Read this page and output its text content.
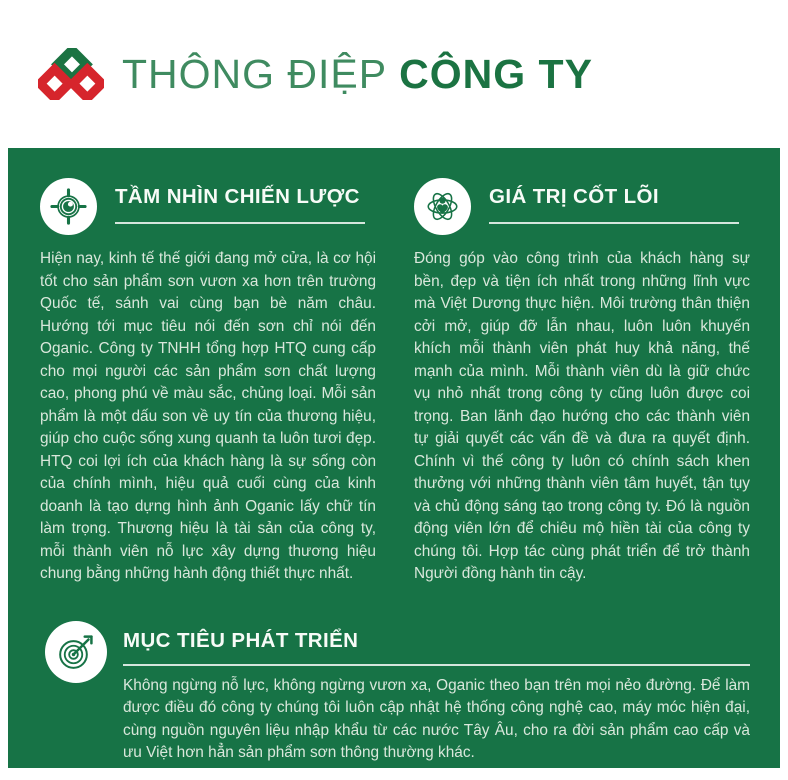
THÔNG ĐIỆP CÔNG TY
TẦM NHÌN CHIẾN LƯỢC

Hiện nay, kinh tế thế giới đang mở cửa, là cơ hội tốt cho sản phẩm sơn vươn xa hơn trên trường Quốc tế, sánh vai cùng bạn bè năm châu. Hướng tới mục tiêu nói đến sơn chỉ nói đến Oganic. Công ty TNHH tổng hợp HTQ cung cấp cho mọi người các sản phẩm sơn chất lượng cao, phong phú về màu sắc, chủng loại. Mỗi sản phẩm là một dấu son về uy tín của thương hiệu, giúp cho cuộc sống xung quanh ta luôn tươi đẹp. HTQ coi lợi ích của khách hàng là sự sống còn của chính mình, hiệu quả cuối cùng của kinh doanh là tạo dựng hình ảnh Oganic lấy chữ tín làm trọng. Thương hiệu là tài sản của công ty, mỗi thành viên nỗ lực xây dựng thương hiệu chung bằng những hành động thiết thực nhất.

GIÁ TRỊ CỐT LÕI

Đóng góp vào công trình của khách hàng sự bền, đẹp và tiện ích nhất trong những lĩnh vực mà Việt Dương thực hiện. Môi trường thân thiện cởi mở, giúp đỡ lẫn nhau, luôn luôn khuyến khích mỗi thành viên phát huy khả năng, thế mạnh của mình. Mỗi thành viên dù là giữ chức vụ nhỏ nhất trong công ty cũng luôn được coi trọng. Ban lãnh đạo hướng cho các thành viên tự giải quyết các vấn đề và đưa ra quyết định. Chính vì thế công ty luôn có chính sách khen thưởng với những thành viên tâm huyết, tận tụy và chủ động sáng tạo trong công ty. Đó là nguồn động viên lớn để chiêu mộ hiền tài của công ty chúng tôi. Hợp tác cùng phát triển để trở thành Người đồng hành tin cậy.

MỤC TIÊU PHÁT TRIỂN

Không ngừng nỗ lực, không ngừng vươn xa, Oganic theo bạn trên mọi nẻo đường. Để làm được điều đó công ty chúng tôi luôn cập nhật hệ thống công nghệ cao, máy móc hiện đại, cùng nguồn nguyên liệu nhập khẩu từ các nước Tây Âu, cho ra đời sản phẩm cao cấp và ưu Việt hơn hẳn sản phẩm sơn thông thường khác.
